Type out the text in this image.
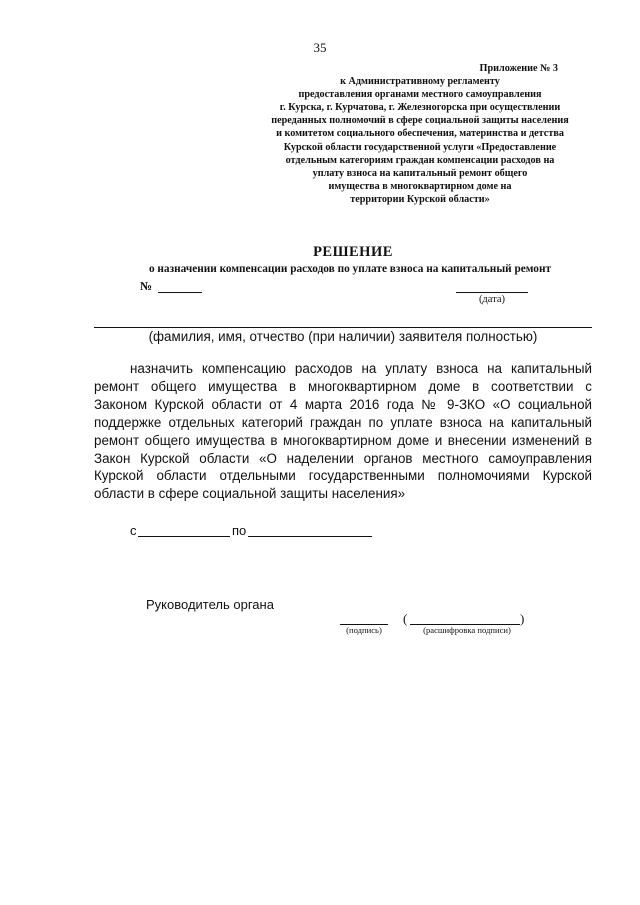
35
Приложение № 3
к Административному регламенту
предоставления органами местного самоуправления
г. Курска, г. Курчатова, г. Железногорска при осуществлении
переданных полномочий в сфере социальной защиты населения
и комитетом социального обеспечения, материнства и детства
Курской области государственной услуги «Предоставление
отдельным категориям граждан компенсации расходов на
уплату взноса на капитальный ремонт общего
имущества в многоквартирном доме на
территории Курской области»
РЕШЕНИЕ
о назначении компенсации расходов по уплате взноса на капитальный ремонт
№
(дата)
(фамилия, имя, отчество (при наличии) заявителя полностью)
назначить компенсацию расходов на уплату взноса на капитальный
ремонт общего имущества в многоквартирном доме в соответствии с
Законом Курской области от 4 марта 2016 года № 9-ЗКО «О социальной
поддержке отдельных категорий граждан по уплате взноса на капитальный
ремонт общего имущества в многоквартирном доме и внесении изменений в
Закон Курской области «О наделении органов местного самоуправления
Курской области отдельными государственными полномочиями Курской
области в сфере социальной защиты населения»
с	по
Руководитель органа
(подпись)
(	)
(расшифровка подписи)
